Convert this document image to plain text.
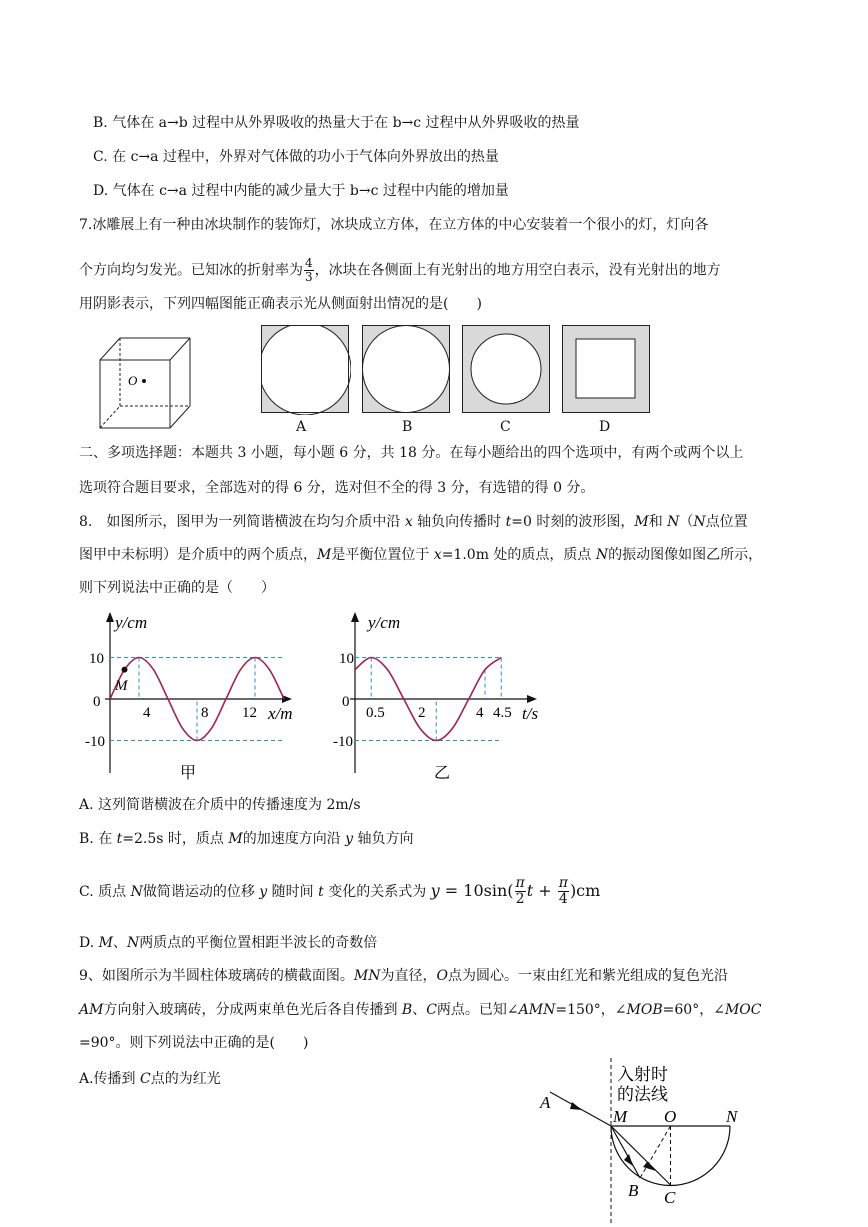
B. 气体在 a→b 过程中从外界吸收的热量大于在 b→c 过程中从外界吸收的热量
C. 在 c→a 过程中，外界对气体做的功小于气体向外界放出的热量
D. 气体在 c→a 过程中内能的减少量大于 b→c 过程中内能的增加量
7.冰雕展上有一种由冰块制作的装饰灯，冰块成立方体，在立方体的中心安装着一个很小的灯，灯向各
个方向均匀发光。已知冰的折射率为 $\frac{4}{3}$ ，冰块在各侧面上有光射出的地方用空白表示，没有光射出的地方
用阴影表示，下列四幅图能正确表示光从侧面射出情况的是(　　)
O
A	B	C	D
二、多项选择题：本题共 3 小题，每小题 6 分，共 18 分。在每小题给出的四个选项中，有两个或两个以上
选项符合题目要求，全部选对的得 6 分，选对但不全的得 3 分，有选错的得 0 分。
8.　如图所示，图甲为一列简谐横波在均匀介质中沿 x 轴负向传播时 t=0 时刻的波形图，M和 N（N点位置
图甲中未标明）是介质中的两个质点，M是平衡位置位于 x=1.0m 处的质点，质点 N的振动图像如图乙所示，
则下列说法中正确的是（　　）
y/cm
x/m
10
0
-10
4	8 12
M
甲
y/cm
t/s
10
0
-10
0.5 2	4 4.5
乙
A. 这列简谐横波在介质中的传播速度为 2m/s
B. 在 t=2.5s 时，质点 M的加速度方向沿 y 轴负方向
C. 质点 N做简谐运动的位移 y 随时间 t 变化的关系式为 $y = 10\sin( \frac{\pi}{2}$ $t + \frac{\pi}{4} )cm$
D. M、N两质点的平衡位置相距半波长的奇数倍
9、如图所示为半圆柱体玻璃砖的横截面图。MN为直径，O点为圆心。一束由红光和紫光组成的复色光沿
AM方向射入玻璃砖，分成两束单色光后各自传播到 B、C两点。已知∠AMN=150°，∠MOB=60°，∠MOC
=90°。则下列说法中正确的是(　　)
A.传播到 C点的为红光	入射时
的法线
A
M O	N
B C
